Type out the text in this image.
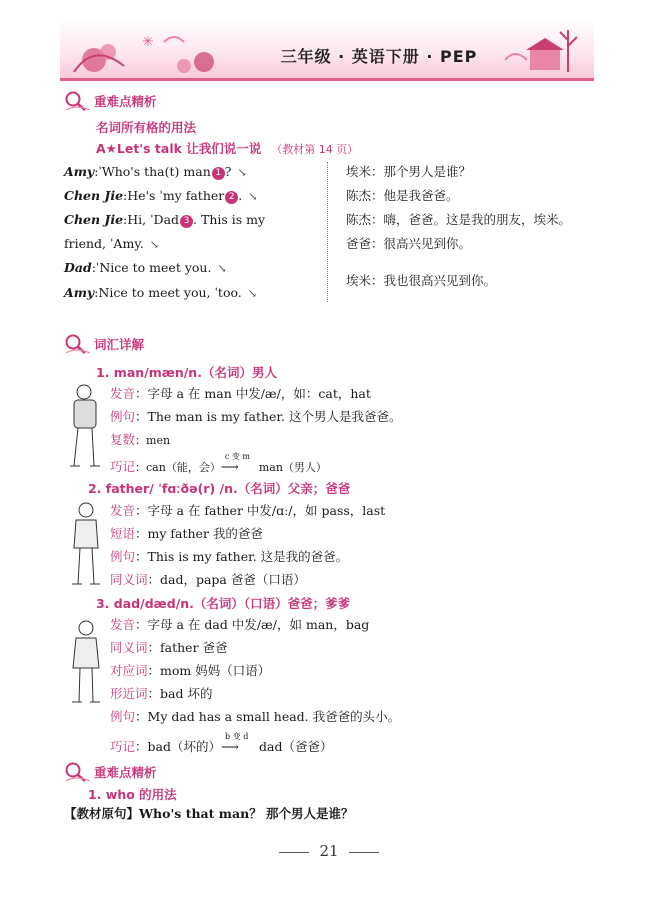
✳
三年级 · 英语下册 · PEP
重难点精析
名词所有格的用法
A★Let's talk 让我们说一说 （教材第 14 页）
Amy:ˈWho's tha(t) man 1 ? ↘
Chen Jie:He's ˈmy father 2 . ↘
Chen Jie:Hi, ˈDad 3 . This is my
friend, ˈAmy. ↘
Dad:ˈNice to meet you. ↘
Amy:Nice to meet you, ˈtoo. ↘
埃米：那个男人是谁？
陈杰：他是我爸爸。
陈杰：嗨，爸爸。这是我的朋友，埃米。
爸爸：很高兴见到你。
埃米：我也很高兴见到你。
词汇详解
1. man/mæn/n.（名词）男人
发音：字母 a 在 man 中发/æ/，如：cat，hat
例句：The man is my father. 这个男人是我爸爸。
复数：men
巧记：can（能，会）
c 变 m
⟶ man（男人）
2. father/ ˈfɑːðə(r) /n.（名词）父亲；爸爸
发音：字母 a 在 father 中发/ɑː/，如 pass，last
短语：my father 我的爸爸
例句：This is my father. 这是我的爸爸。
同义词：dad，papa 爸爸（口语）
3. dad/dæd/n.（名词）（口语）爸爸；爹爹
发音：字母 a 在 dad 中发/æ/，如 man，bag
同义词：father 爸爸
对应词：mom 妈妈（口语）
形近词：bad 坏的
例句：My dad has a small head. 我爸爸的头小。
巧记：bad（坏的）
b 变 d
⟶ dad（爸爸）
重难点精析
1. who 的用法
【教材原句】Who's that man？ 那个男人是谁？
21
